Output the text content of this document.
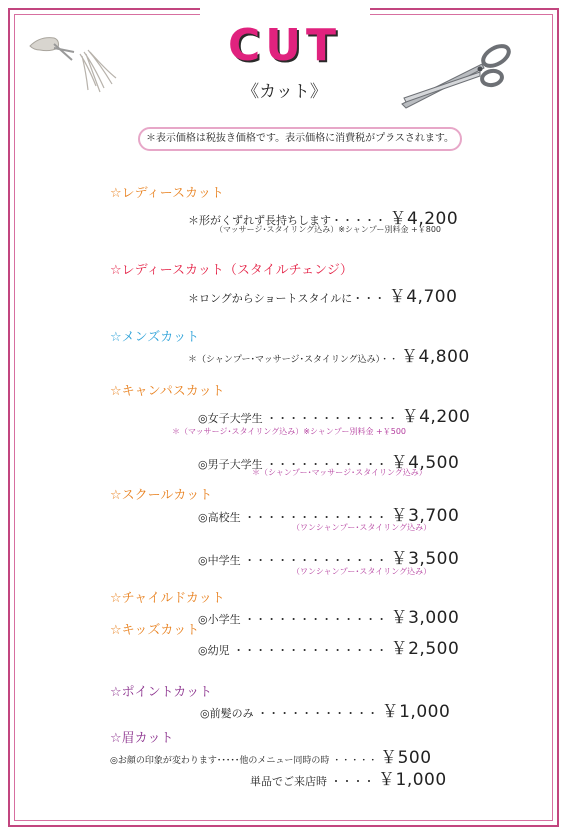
CUT
《カット》
＊表示価格は税抜き価格です。表示価格に消費税がプラスされます。
☆レディースカット
＊形がくずれず長持ちします・・・・・ ￥4,200
（マッサージ･スタイリング込み）※シャンプー別料金 +￥800
☆レディースカット（スタイルチェンジ）
＊ロングからショートスタイルに・・・ ￥4,700
☆メンズカット
＊（シャンプー･マッサージ･スタイリング込み）・・ ￥4,800
☆キャンパスカット
◎女子大学生 ・・・・・・・・・・・・ ￥4,200
＊（マッサージ･スタイリング込み）※シャンプー別料金 +￥500
◎男子大学生 ・・・・・・・・・・・ ￥4,500
＊（シャンプー･マッサージ･スタイリング込み）
☆スクールカット
◎高校生 ・・・・・・・・・・・・・ ￥3,700
（ワンシャンプー･スタイリング込み）
◎中学生 ・・・・・・・・・・・・・ ￥3,500
（ワンシャンプー･スタイリング込み）
☆チャイルドカット
◎小学生 ・・・・・・・・・・・・・ ￥3,000
☆キッズカット
◎幼児 ・・・・・・・・・・・・・・ ￥2,500
☆ポイントカット
◎前髪のみ ・・・・・・・・・・・ ￥1,000
☆眉カット
◎お顔の印象が変わります･････他のメニュー同時の時 ・・・・・ ￥500
単品でご来店時 ・・・・ ￥1,000
